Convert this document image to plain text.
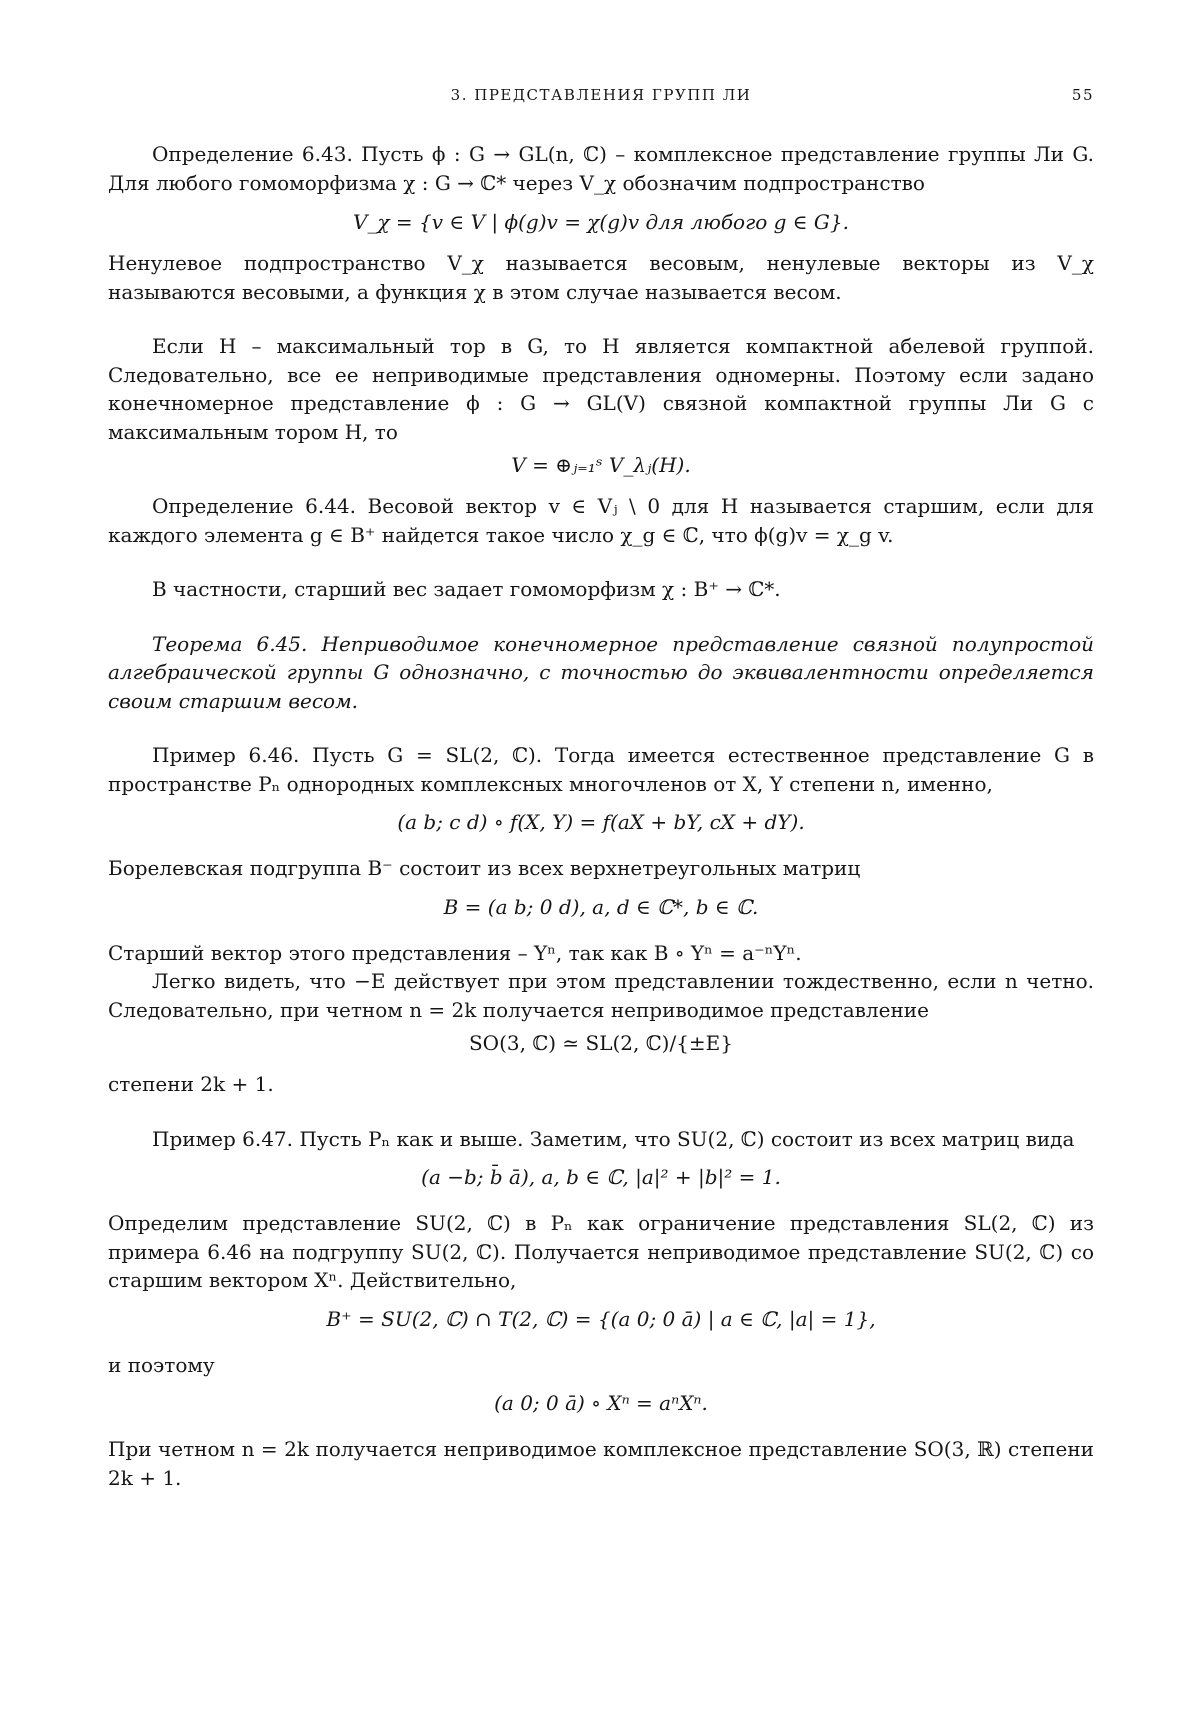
3. ПРЕДСТАВЛЕНИЯ ГРУПП ЛИ	55

Определение 6.43. Пусть ϕ : G → GL(n, ℂ) – комплексное представление группы Ли G. Для любого гомоморфизма χ : G → ℂ* через V_χ обозначим подпространство

V_χ = {v ∈ V | ϕ(g)v = χ(g)v для любого g ∈ G}.

Ненулевое подпространство V_χ называется весовым, ненулевые векторы из V_χ называются весовыми, а функция χ в этом случае называется весом.

Если H – максимальный тор в G, то H является компактной абелевой группой. Следовательно, все ее неприводимые представления одномерны. Поэтому если задано конечномерное представление ϕ : G → GL(V) связной компактной группы Ли G с максимальным тором H, то

V = ⊕ⱼ₌₁ˢ V_λⱼ(H).

Определение 6.44. Весовой вектор v ∈ Vⱼ \ 0 для H называется старшим, если для каждого элемента g ∈ B⁺ найдется такое число χ_g ∈ ℂ, что ϕ(g)v = χ_g v.

В частности, старший вес задает гомоморфизм χ : B⁺ → ℂ*.

Теорема 6.45. Неприводимое конечномерное представление связной полупростой алгебраической группы G однозначно, с точностью до эквивалентности определяется своим старшим весом.

Пример 6.46. Пусть G = SL(2, ℂ). Тогда имеется естественное представление G в пространстве Pₙ однородных комплексных многочленов от X, Y степени n, именно,

(a b; c d) ∘ f(X, Y) = f(aX + bY, cX + dY).

Борелевская подгруппа B⁻ состоит из всех верхнетреугольных матриц

B = (a b; 0 d), a, d ∈ ℂ*, b ∈ ℂ.

Старший вектор этого представления – Yⁿ, так как B ∘ Yⁿ = a⁻ⁿYⁿ.

Легко видеть, что −E действует при этом представлении тождественно, если n четно. Следовательно, при четном n = 2k получается неприводимое представление

SO(3, ℂ) ≃ SL(2, ℂ)/{±E}

степени 2k + 1.

Пример 6.47. Пусть Pₙ как и выше. Заметим, что SU(2, ℂ) состоит из всех матриц вида

(a −b; b̄ ā), a, b ∈ ℂ, |a|² + |b|² = 1.

Определим представление SU(2, ℂ) в Pₙ как ограничение представления SL(2, ℂ) из примера 6.46 на подгруппу SU(2, ℂ). Получается неприводимое представление SU(2, ℂ) со старшим вектором Xⁿ. Действительно,

B⁺ = SU(2, ℂ) ∩ T(2, ℂ) = {(a 0; 0 ā) | a ∈ ℂ, |a| = 1},

и поэтому

(a 0; 0 ā) ∘ Xⁿ = aⁿXⁿ.

При четном n = 2k получается неприводимое комплексное представление SO(3, ℝ) степени 2k + 1.
